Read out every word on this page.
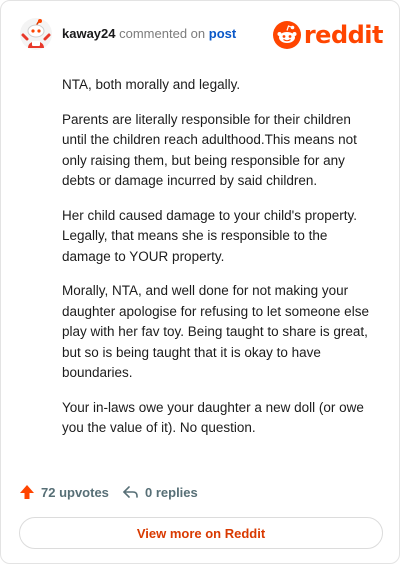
kaway24 commented on post	reddit

NTA, both morally and legally.

Parents are literally responsible for their children until the children reach adulthood.This means not only raising them, but being responsible for any debts or damage incurred by said children.

Her child caused damage to your child's property. Legally, that means she is responsible to the damage to YOUR property.

Morally, NTA, and well done for not making your daughter apologise for refusing to let someone else play with her fav toy. Being taught to share is great, but so is being taught that it is okay to have boundaries.

Your in-laws owe your daughter a new doll (or owe you the value of it). No question.

72 upvotes	0 replies
View more on Reddit
